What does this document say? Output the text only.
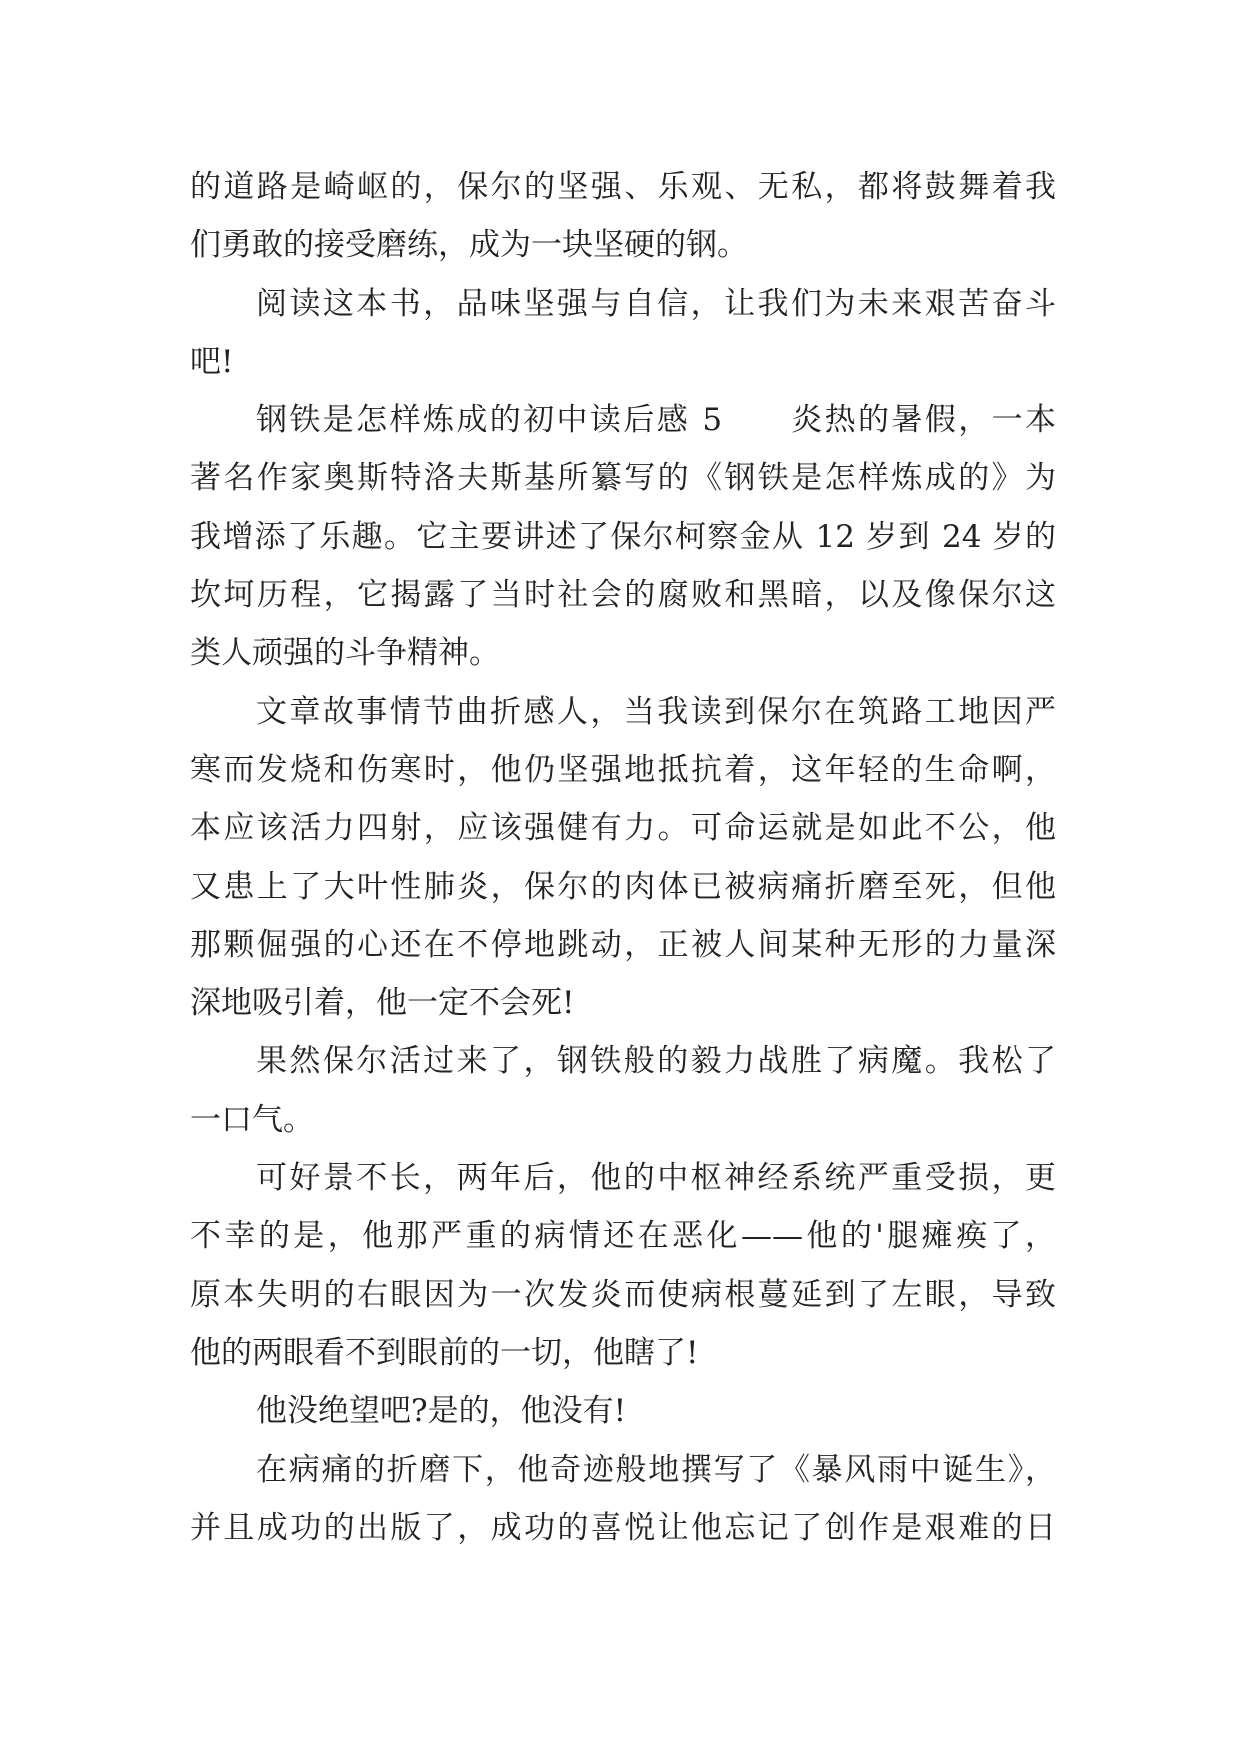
的道路是崎岖的，保尔的坚强、乐观、无私，都将鼓舞着我
们勇敢的接受磨练，成为一块坚硬的钢。
阅读这本书，品味坚强与自信，让我们为未来艰苦奋斗
吧!
钢铁是怎样炼成的初中读后感 5　　炎热的暑假，一本
著名作家奥斯特洛夫斯基所纂写的《钢铁是怎样炼成的》为
我增添了乐趣。它主要讲述了保尔柯察金从 12 岁到 24 岁的
坎坷历程，它揭露了当时社会的腐败和黑暗，以及像保尔这
类人顽强的斗争精神。
文章故事情节曲折感人，当我读到保尔在筑路工地因严
寒而发烧和伤寒时，他仍坚强地抵抗着，这年轻的生命啊，
本应该活力四射，应该强健有力。可命运就是如此不公，他
又患上了大叶性肺炎，保尔的肉体已被病痛折磨至死，但他
那颗倔强的心还在不停地跳动，正被人间某种无形的力量深
深地吸引着，他一定不会死!
果然保尔活过来了，钢铁般的毅力战胜了病魔。我松了
一口气。
可好景不长，两年后，他的中枢神经系统严重受损，更
不幸的是，他那严重的病情还在恶化——他的'腿瘫痪了，
原本失明的右眼因为一次发炎而使病根蔓延到了左眼，导致
他的两眼看不到眼前的一切，他瞎了!
他没绝望吧?是的，他没有!
在病痛的折磨下，他奇迹般地撰写了《暴风雨中诞生》，
并且成功的出版了，成功的喜悦让他忘记了创作是艰难的日
